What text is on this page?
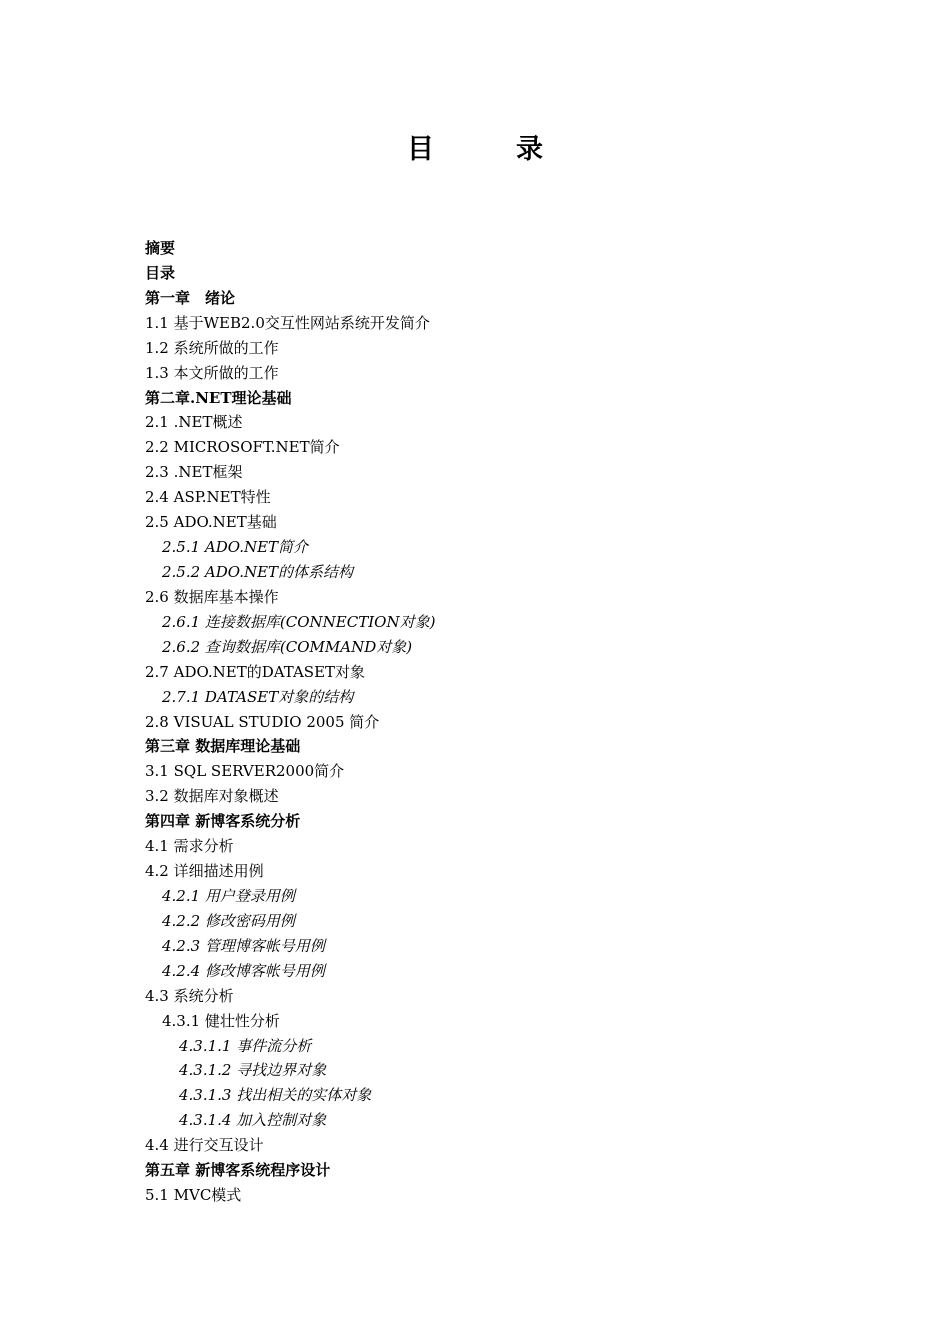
目	录
摘要
目录
第一章　绪论
1.1 基于WEB2.0交互性网站系统开发简介
1.2 系统所做的工作
1.3 本文所做的工作
第二章.NET理论基础
2.1 .NET概述
2.2 MICROSOFT.NET简介
2.3 .NET框架
2.4 ASP.NET特性
2.5 ADO.NET基础
2.5.1 ADO.NET简介
2.5.2 ADO.NET的体系结构
2.6 数据库基本操作
2.6.1 连接数据库(CONNECTION对象)
2.6.2 查询数据库(COMMAND对象)
2.7 ADO.NET的DATASET对象
2.7.1 DATASET对象的结构
2.8 VISUAL STUDIO 2005 简介
第三章 数据库理论基础
3.1 SQL SERVER2000简介
3.2 数据库对象概述
第四章 新博客系统分析
4.1 需求分析
4.2 详细描述用例
4.2.1 用户登录用例
4.2.2 修改密码用例
4.2.3 管理博客帐号用例
4.2.4 修改博客帐号用例
4.3 系统分析
4.3.1 健壮性分析
4.3.1.1 事件流分析
4.3.1.2 寻找边界对象
4.3.1.3 找出相关的实体对象
4.3.1.4 加入控制对象
4.4 进行交互设计
第五章 新博客系统程序设计
5.1 MVC模式
